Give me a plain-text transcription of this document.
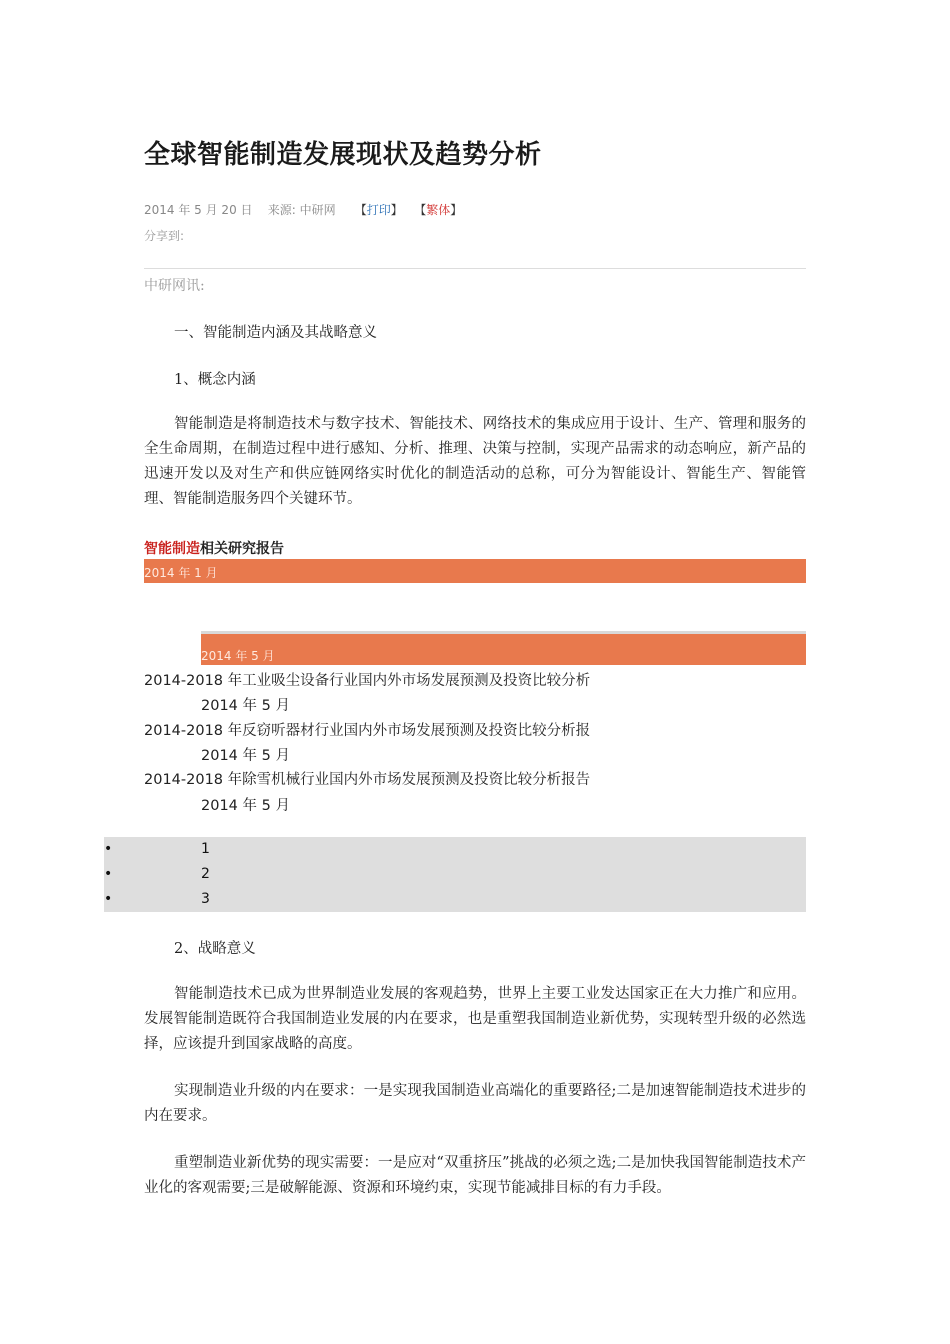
全球智能制造发展现状及趋势分析
2014 年 5 月 20 日 来源: 中研网 【打印】 【繁体】
分享到:
中研网讯:
一、智能制造内涵及其战略意义
1、概念内涵
智能制造是将制造技术与数字技术、智能技术、网络技术的集成应用于设计、生产、管理和服务的全生命周期，在制造过程中进行感知、分析、推理、决策与控制，实现产品需求的动态响应，新产品的迅速开发以及对生产和供应链网络实时优化的制造活动的总称，可分为智能设计、智能生产、智能管理、智能制造服务四个关键环节。
智能制造相关研究报告
2014 年 1 月
2014 年 5 月
2014-2018 年工业吸尘设备行业国内外市场发展预测及投资比较分析
2014 年 5 月
2014-2018 年反窃听器材行业国内外市场发展预测及投资比较分析报
2014 年 5 月
2014-2018 年除雪机械行业国内外市场发展预测及投资比较分析报告
2014 年 5 月
•	1
•	2
•	3
2、战略意义
智能制造技术已成为世界制造业发展的客观趋势，世界上主要工业发达国家正在大力推广和应用。发展智能制造既符合我国制造业发展的内在要求，也是重塑我国制造业新优势，实现转型升级的必然选择，应该提升到国家战略的高度。
实现制造业升级的内在要求：一是实现我国制造业高端化的重要路径;二是加速智能制造技术进步的内在要求。
重塑制造业新优势的现实需要：一是应对“双重挤压”挑战的必须之选;二是加快我国智能制造技术产业化的客观需要;三是破解能源、资源和环境约束，实现节能减排目标的有力手段。
